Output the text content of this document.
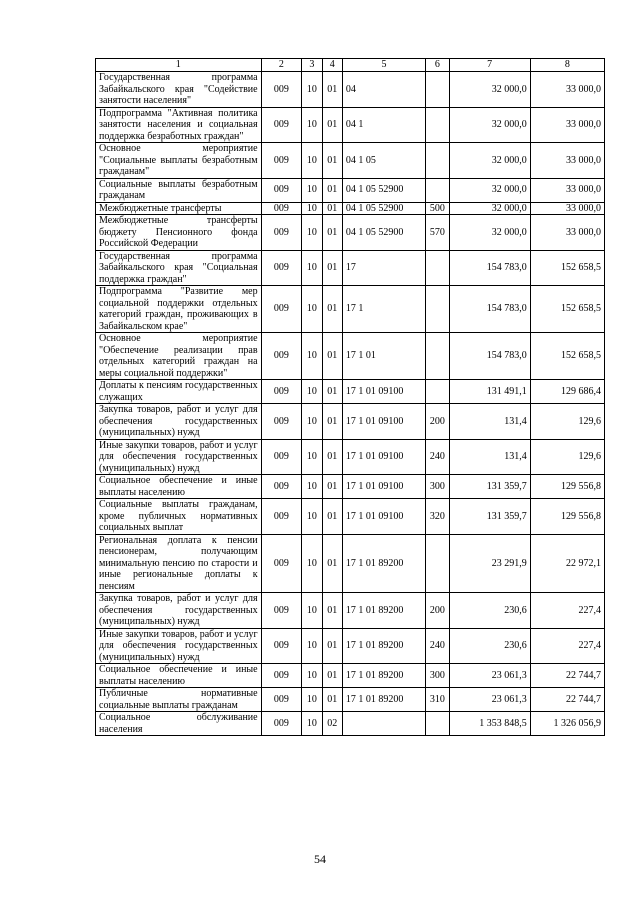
1	2	3	4	5	6	7	8
Государственная программа Забайкальского края "Содействие занятости населения"	009	10	01	04		32 000,0	33 000,0
Подпрограмма "Активная политика занятости населения и социальная поддержка безработных граждан"	009	10	01	04 1		32 000,0	33 000,0
Основное мероприятие "Социальные выплаты безработным гражданам"	009	10	01	04 1 05		32 000,0	33 000,0
Социальные выплаты безработным гражданам	009	10	01	04 1 05 52900		32 000,0	33 000,0
Межбюджетные трансферты	009	10	01	04 1 05 52900	500	32 000,0	33 000,0
Межбюджетные трансферты бюджету Пенсионного фонда Российской Федерации	009	10	01	04 1 05 52900	570	32 000,0	33 000,0
Государственная программа Забайкальского края "Социальная поддержка граждан"	009	10	01	17		154 783,0	152 658,5
Подпрограмма "Развитие мер социальной поддержки отдельных категорий граждан, проживающих в Забайкальском крае"	009	10	01	17 1		154 783,0	152 658,5
Основное мероприятие "Обеспечение реализации прав отдельных категорий граждан на меры социальной поддержки"	009	10	01	17 1 01		154 783,0	152 658,5
Доплаты к пенсиям государственных служащих	009	10	01	17 1 01 09100		131 491,1	129 686,4
Закупка товаров, работ и услуг для обеспечения государственных (муниципальных) нужд	009	10	01	17 1 01 09100	200	131,4	129,6
Иные закупки товаров, работ и услуг для обеспечения государственных (муниципальных) нужд	009	10	01	17 1 01 09100	240	131,4	129,6
Социальное обеспечение и иные выплаты населению	009	10	01	17 1 01 09100	300	131 359,7	129 556,8
Социальные выплаты гражданам, кроме публичных нормативных социальных выплат	009	10	01	17 1 01 09100	320	131 359,7	129 556,8
Региональная доплата к пенсии пенсионерам, получающим минимальную пенсию по старости и иные региональные доплаты к пенсиям	009	10	01	17 1 01 89200		23 291,9	22 972,1
Закупка товаров, работ и услуг для обеспечения государственных (муниципальных) нужд	009	10	01	17 1 01 89200	200	230,6	227,4
Иные закупки товаров, работ и услуг для обеспечения государственных (муниципальных) нужд	009	10	01	17 1 01 89200	240	230,6	227,4
Социальное обеспечение и иные выплаты населению	009	10	01	17 1 01 89200	300	23 061,3	22 744,7
Публичные нормативные социальные выплаты гражданам	009	10	01	17 1 01 89200	310	23 061,3	22 744,7
Социальное обслуживание населения	009	10	02			1 353 848,5	1 326 056,9
54
